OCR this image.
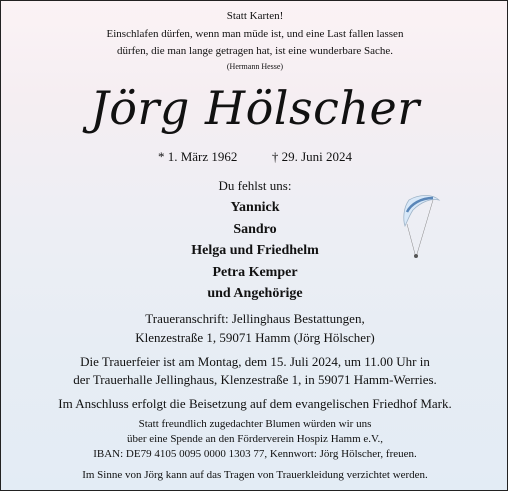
Statt Karten!
Einschlafen dürfen, wenn man müde ist, und eine Last fallen lassen
dürfen, die man lange getragen hat, ist eine wunderbare Sache.
(Hermann Hesse)
Jörg Hölscher
* 1. März 1962	† 29. Juni 2024
Du fehlst uns:
Yannick
Sandro
Helga und Friedhelm
Petra Kemper
und Angehörige
Traueranschrift: Jellinghaus Bestattungen,
Klenzestraße 1, 59071 Hamm (Jörg Hölscher)
Die Trauerfeier ist am Montag, dem 15. Juli 2024, um 11.00 Uhr in
der Trauerhalle Jellinghaus, Klenzestraße 1, in 59071 Hamm-Werries.
Im Anschluss erfolgt die Beisetzung auf dem evangelischen Friedhof Mark.
Statt freundlich zugedachter Blumen würden wir uns
über eine Spende an den Förderverein Hospiz Hamm e.V.,
IBAN: DE79 4105 0095 0000 1303 77, Kennwort: Jörg Hölscher, freuen.
Im Sinne von Jörg kann auf das Tragen von Trauerkleidung verzichtet werden.
